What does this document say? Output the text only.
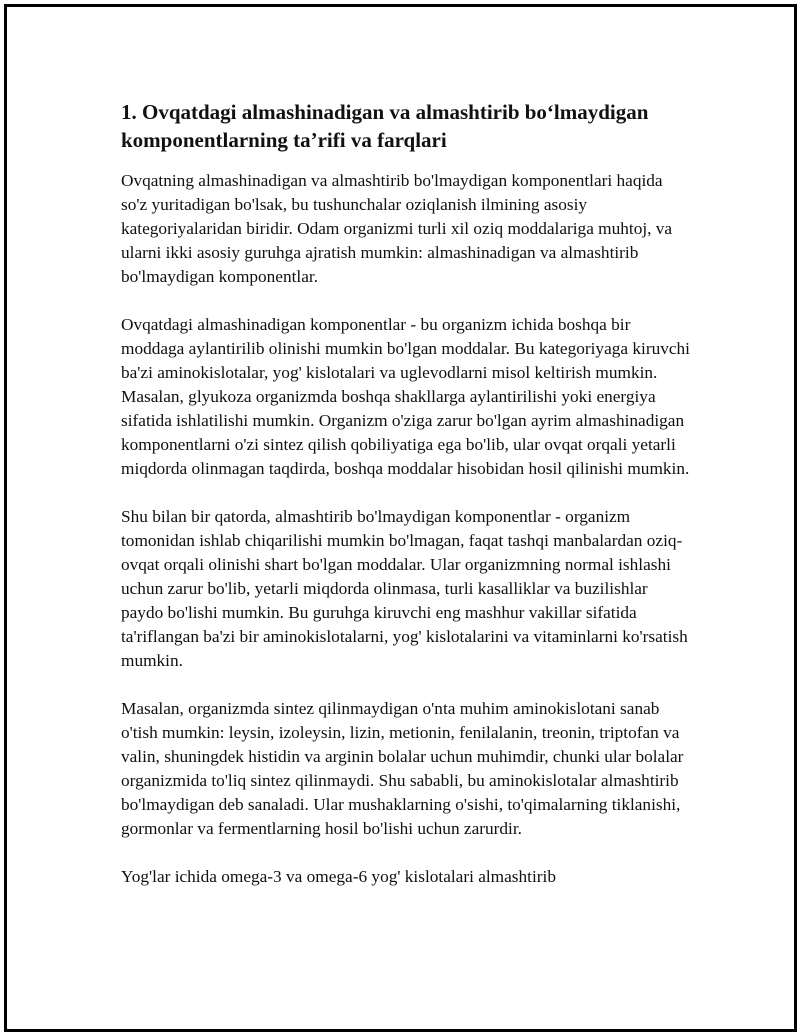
1. Ovqatdagi almashinadigan va almashtirib bo‘lmaydigan komponentlarning ta’rifi va farqlari

Ovqatning almashinadigan va almashtirib bo'lmaydigan komponentlari haqida so'z yuritadigan bo'lsak, bu tushunchalar oziqlanish ilmining asosiy kategoriyalaridan biridir. Odam organizmi turli xil oziq moddalariga muhtoj, va ularni ikki asosiy guruhga ajratish mumkin: almashinadigan va almashtirib bo'lmaydigan komponentlar.

Ovqatdagi almashinadigan komponentlar - bu organizm ichida boshqa bir moddaga aylantirilib olinishi mumkin bo'lgan moddalar. Bu kategoriyaga kiruvchi ba'zi aminokislotalar, yog' kislotalari va uglevodlarni misol keltirish mumkin. Masalan, glyukoza organizmda boshqa shakllarga aylantirilishi yoki energiya sifatida ishlatilishi mumkin. Organizm o'ziga zarur bo'lgan ayrim almashinadigan komponentlarni o'zi sintez qilish qobiliyatiga ega bo'lib, ular ovqat orqali yetarli miqdorda olinmagan taqdirda, boshqa moddalar hisobidan hosil qilinishi mumkin.

Shu bilan bir qatorda, almashtirib bo'lmaydigan komponentlar - organizm tomonidan ishlab chiqarilishi mumkin bo'lmagan, faqat tashqi manbalardan oziq-ovqat orqali olinishi shart bo'lgan moddalar. Ular organizmning normal ishlashi uchun zarur bo'lib, yetarli miqdorda olinmasa, turli kasalliklar va buzilishlar paydo bo'lishi mumkin. Bu guruhga kiruvchi eng mashhur vakillar sifatida ta'riflangan ba'zi bir aminokislotalarni, yog' kislotalarini va vitaminlarni ko'rsatish mumkin.

Masalan, organizmda sintez qilinmaydigan o'nta muhim aminokislotani sanab o'tish mumkin: leysin, izoleysin, lizin, metionin, fenilalanin, treonin, triptofan va valin, shuningdek histidin va arginin bolalar uchun muhimdir, chunki ular bolalar organizmida to'liq sintez qilinmaydi. Shu sababli, bu aminokislotalar almashtirib bo'lmaydigan deb sanaladi. Ular mushaklarning o'sishi, to'qimalarning tiklanishi, gormonlar va fermentlarning hosil bo'lishi uchun zarurdir.

Yog'lar ichida omega-3 va omega-6 yog' kislotalari almashtirib
